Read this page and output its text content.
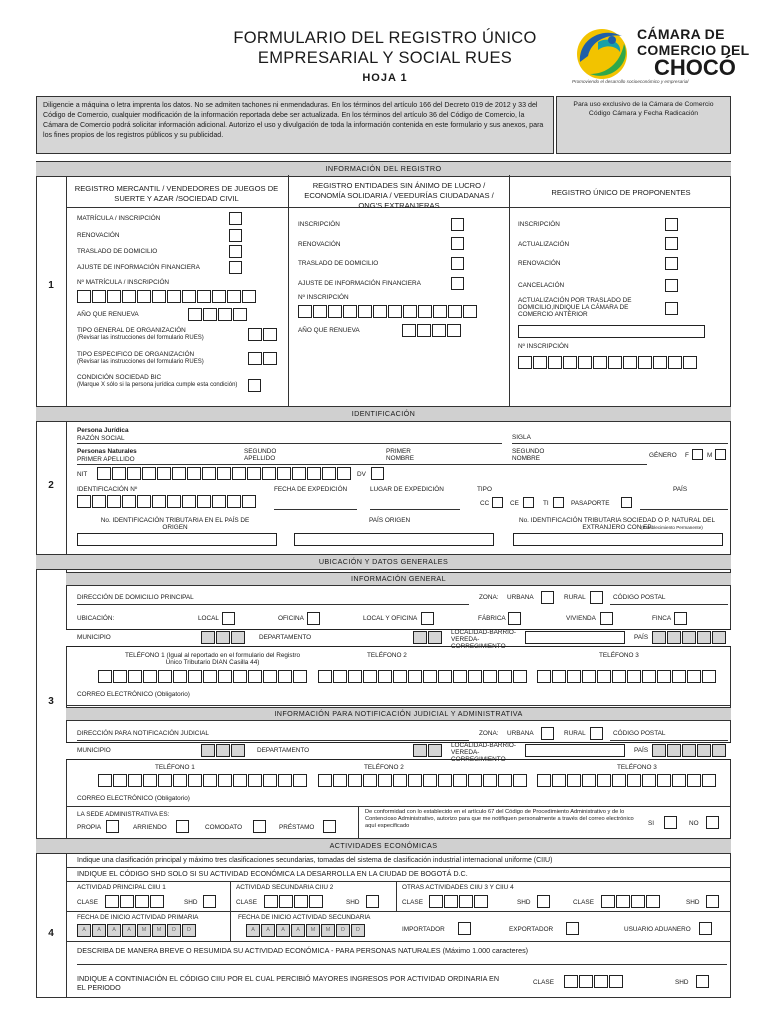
FORMULARIO DEL REGISTRO ÚNICO
EMPRESARIAL Y SOCIAL RUES
HOJA 1
CÁMARA DE
COMERCIO DEL
CHOCÓ
Promoviendo el desarrollo socioeconómico y empresarial
Diligencie a máquina o letra imprenta los datos. No se admiten tachones ni enmendaduras. En los términos del artículo 166 del Decreto 019 de 2012 y 33 del Código de Comercio, cualquier modificación de la información reportada debe ser actualizada. En los términos del artículo 36 del Código de Comercio, la Cámara de Comercio podrá solicitar información adicional. Autorizo el uso y divulgación de toda la información contenida en este formulario y sus anexos, para los fines propios de los registros públicos y su publicidad.
Para uso exclusivo de la Cámara de Comercio
Código Cámara y Fecha Radicación
INFORMACIÓN DEL REGISTRO
1
REGISTRO MERCANTIL / VENDEDORES DE JUEGOS DE SUERTE Y AZAR /SOCIEDAD CIVIL
REGISTRO ENTIDADES SIN ÁNIMO DE LUCRO / ECONOMÍA SOLIDARIA / VEEDURÍAS CIUDADANAS / ONG'S EXTRANJERAS
REGISTRO ÚNICO DE PROPONENTES
MATRÍCULA / INSCRIPCIÓN
RENOVACIÓN
TRASLADO DE DOMICILIO
AJUSTE DE INFORMACIÓN FINANCIERA
Nº MATRÍCULA / INSCRIPCIÓN
AÑO QUE RENUEVA
TIPO GENERAL DE ORGANIZACIÓN
(Revisar las instrucciones del formulario RUES)
TIPO ESPECIFICO DE ORGANIZACIÓN
(Revisar las instrucciones del formulario RUES)
CONDICIÓN SOCIEDAD BIC
(Marque X sólo si la persona jurídica cumple esta condición)
INSCRIPCIÓN
RENOVACIÓN
TRASLADO DE DOMICILIO
AJUSTE DE INFORMACIÓN FINANCIERA
Nº INSCRIPCIÓN
AÑO QUE RENUEVA
INSCRIPCIÓN
ACTUALIZACIÓN
RENOVACIÓN
CANCELACIÓN
ACTUALIZACIÓN POR TRASLADO DE DOMICILIO,INDIQUE LA CÁMARA DE COMERCIO ANTERIOR
Nº INSCRIPCIÓN
IDENTIFICACIÓN
2
Persona Jurídica
RAZÓN SOCIAL	SIGLA
Personas Naturales
PRIMER APELLIDO
SEGUNDO APELLIDO
PRIMER NOMBRE
SEGUNDO NOMBRE	GÉNERO F	M
NIT	DV
IDENTIFICACIÓN Nº	FECHA DE EXPEDICIÓN	LUGAR DE EXPEDICIÓN	TIPO
CC	CE	TI	PASAPORTE
PAÍS
No. IDENTIFICACIÓN TRIBUTARIA EN EL PAÍS DE ORIGEN
PAÍS ORIGEN	No. IDENTIFICACIÓN TRIBUTARIA SOCIEDAD O P. NATURAL DEL EXTRANJERO CON EP
(Establecimiento Permanente)
UBICACIÓN Y DATOS GENERALES
3
INFORMACIÓN GENERAL
DIRECCIÓN DE DOMICILIO PRINCIPAL	ZONA: URBANA	RURAL	CÓDIGO POSTAL
UBICACIÓN:	LOCAL	OFICINA	LOCAL Y OFICINA	FÁBRICA	VIVIENDA	FINCA
MUNICIPIO	DEPARTAMENTO
LOCALIDAD-BARRIO-VEREDA-CORREGIMIENTO
PAÍS
TELÉFONO 1 (Igual al reportado en el formulario del Registro Único Tributario DIAN Casilla 44)
TELÉFONO 2	TELÉFONO 3
CORREO ELECTRÓNICO (Obligatorio)
INFORMACIÓN PARA NOTIFICACIÓN JUDICIAL Y ADMINISTRATIVA
DIRECCIÓN PARA NOTIFICACIÓN JUDICIAL	ZONA: URBANA	RURAL	CÓDIGO POSTAL
MUNICIPIO	DEPARTAMENTO
LOCALIDAD-BARRIO-VEREDA-CORREGIMIENTO
PAÍS
TELÉFONO 1	TELÉFONO 2	TELÉFONO 3
CORREO ELECTRÓNICO (Obligatorio)
LA SEDE ADMINISTRATIVA ES:
PROPIA	ARRIENDO	COMODATO	PRÉSTAMO
De conformidad con lo establecido en el artículo 67 del Código de Procedimiento Administrativo y de lo Contencioso Administrativo, autorizo para que me notifiquen personalmente a través del correo electrónico aquí especificado	SI	NO
ACTIVIDADES ECONÓMICAS
4
Indique una clasificación principal y máximo tres clasificaciones secundarias, tomadas del sistema de clasificación industrial internacional uniforme (CIIU)
INDIQUE EL CÓDIGO SHD SOLO SI SU ACTIVIDAD ECONÓMICA LA DESARROLLA EN LA CIUDAD DE BOGOTÁ D.C.
ACTIVIDAD PRINCIPAL CIIU 1
CLASE	SHD
ACTIVIDAD SECUNDARIA CIIU 2
CLASE	SHD
OTRAS ACTIVIDADES CIIU 3 Y CIIU 4
CLASE	SHD	CLASE	SHD
FECHA DE INICIO ACTIVIDAD PRIMARIA
A	A	A	A	M	M	D	D
FECHA DE INICIO ACTIVIDAD SECUNDARIA
A	A	A	A	M	M	D	D	IMPORTADOR	EXPORTADOR	USUARIO ADUANERO
DESCRIBA DE MANERA BREVE O RESUMIDA SU ACTIVIDAD ECONÓMICA - PARA PERSONAS NATURALES (Máximo 1.000 caracteres)
INDIQUE A CONTINIACIÓN EL CÓDIGO CIIU POR EL CUAL PERCIBIÓ MAYORES INGRESOS POR ACTIVIDAD ORDINARIA EN EL PERIODO
CLASE	SHD
